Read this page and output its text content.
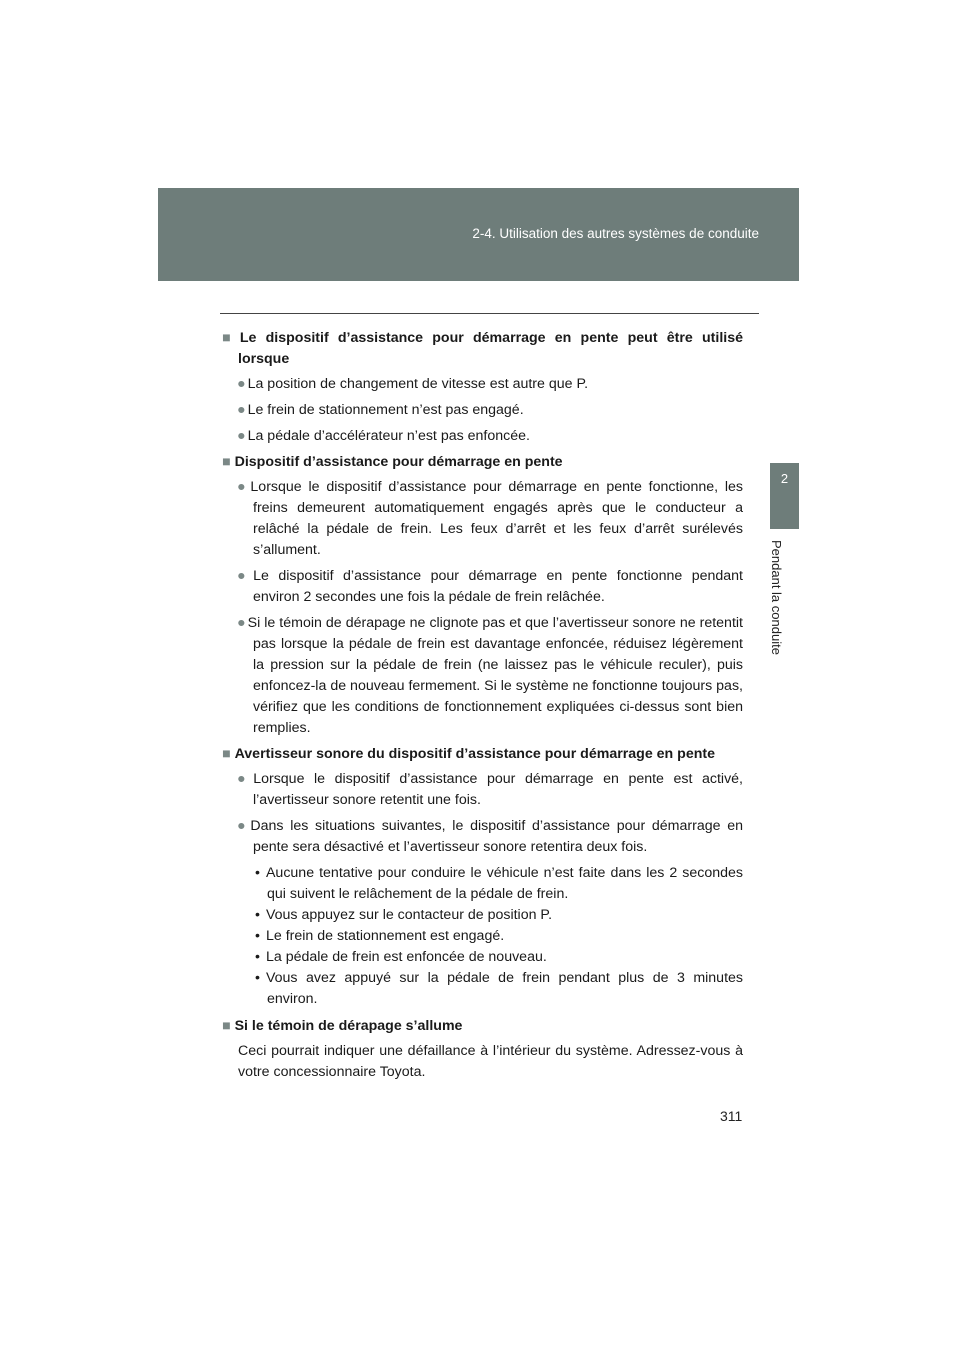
2-4. Utilisation des autres systèmes de conduite
2
Pendant la conduite

■ Le dispositif d’assistance pour démarrage en pente peut être utilisé lorsque

● La position de changement de vitesse est autre que P.

● Le frein de stationnement n’est pas engagé.

● La pédale d’accélérateur n’est pas enfoncée.

■ Dispositif d’assistance pour démarrage en pente

● Lorsque le dispositif d’assistance pour démarrage en pente fonctionne, les freins demeurent automatiquement engagés après que le conducteur a relâché la pédale de frein. Les feux d’arrêt et les feux d’arrêt surélevés s’allument.

● Le dispositif d’assistance pour démarrage en pente fonctionne pendant environ 2 secondes une fois la pédale de frein relâchée.

● Si le témoin de dérapage ne clignote pas et que l’avertisseur sonore ne retentit pas lorsque la pédale de frein est davantage enfoncée, réduisez légèrement la pression sur la pédale de frein (ne laissez pas le véhicule reculer), puis enfoncez-la de nouveau fermement. Si le système ne fonctionne toujours pas, vérifiez que les conditions de fonctionnement expliquées ci-dessus sont bien remplies.

■ Avertisseur sonore du dispositif d’assistance pour démarrage en pente

● Lorsque le dispositif d’assistance pour démarrage en pente est activé, l’avertisseur sonore retentit une fois.

● Dans les situations suivantes, le dispositif d’assistance pour démarrage en pente sera désactivé et l’avertisseur sonore retentira deux fois.

• Aucune tentative pour conduire le véhicule n’est faite dans les 2 secondes qui suivent le relâchement de la pédale de frein.

• Vous appuyez sur le contacteur de position P.

• Le frein de stationnement est engagé.

• La pédale de frein est enfoncée de nouveau.

• Vous avez appuyé sur la pédale de frein pendant plus de 3 minutes environ.

■ Si le témoin de dérapage s’allume

Ceci pourrait indiquer une défaillance à l’intérieur du système. Adressez-vous à votre concessionnaire Toyota.

311
